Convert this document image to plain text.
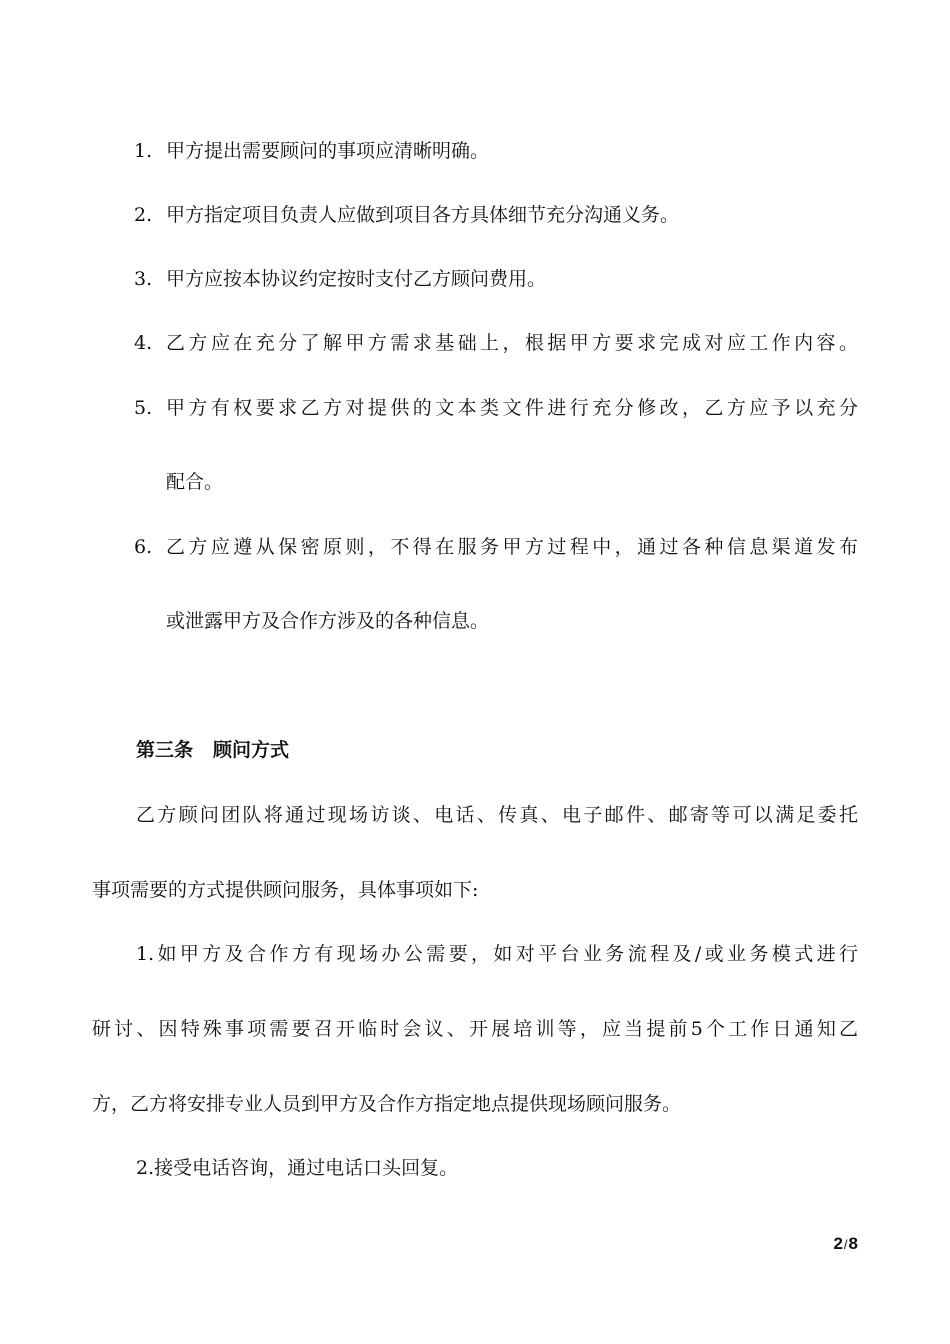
1. 甲方提出需要顾问的事项应清晰明确。
2. 甲方指定项目负责人应做到项目各方具体细节充分沟通义务。
3. 甲方应按本协议约定按时支付乙方顾问费用。
4. 乙方应在充分了解甲方需求基础上，根据甲方要求完成对应工作内容。
5. 甲方有权要求乙方对提供的文本类文件进行充分修改，乙方应予以充分
配合。
6. 乙方应遵从保密原则，不得在服务甲方过程中，通过各种信息渠道发布
或泄露甲方及合作方涉及的各种信息。
第三条 顾问方式
乙方顾问团队将通过现场访谈、电话、传真、电子邮件、邮寄等可以满足委托
事项需要的方式提供顾问服务，具体事项如下:
1.如甲方及合作方有现场办公需要，如对平台业务流程及/或业务模式进行
研讨、因特殊事项需要召开临时会议、开展培训等，应当提前5个工作日通知乙
方，乙方将安排专业人员到甲方及合作方指定地点提供现场顾问服务。
2.接受电话咨询，通过电话口头回复。
2/8
